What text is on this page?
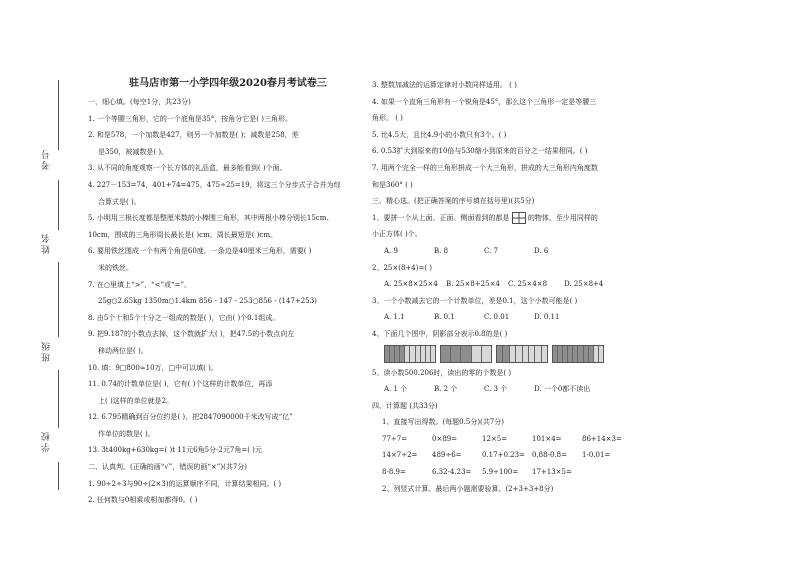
考号
姓名
班级
学校
驻马店市第一小学四年级2020春月考试卷三

一、细心填。(每空1分，共23分)

1. 一个等腰三角形，它的一个底角是35°，按角分它是( )三角形。

2. 和是578，一个加数是427，则另一个加数是( )；减数是258，差

是350，被减数是( )。

3. 从不同的角度观察一个长方体的礼品盒，最多能看到( )个面。

4. 227－153=74，401+74=475，475÷25=19，将这三个分步式子合并为综

合算式是( )。

5. 小明用三根长度都是整厘米数的小棒围三角形，其中两根小棒分别长15cm、

10cm，围成的三角形周长最长是( )cm，周长最短是( )cm。

6. 要用铁丝围成一个有两个角是60度，一条边是40厘米三角形，需要( )

米的铁丝。

7. 在○里填上“>”、“<”或“=”。

25g○2.65kg 1350m○1.4km 856 - 147 - 253○856 - (147+253)

8. 由5个十和5个十分之一组成的数是( )，它由( )个0.1组成。

9. 把9.187的小数点去掉，这个数就扩大( )，把47.5的小数点向左

移动两位是( )。

10. 填：9□800≈10万，□中可以填( )。

11. 0.74的计数单位是( )，它有( )个这样的计数单位，再添

上( )这样的单位就是2。

12. 6.795精确到百分位约是( )，把2847090000千米改写成“亿”

作单位的数是( )。

13. 3t400kg+630kg=( )t 11元6角5分-2元7角=( )元

二、认真判。(正确的画“√”，错误的画“×”)(共7分)

1. 90÷2÷3与90÷(2×3)的运算顺序不同，计算结果相同。( )

2. 任何数与0相乘或相加都得0。( )

3. 整数加减法的运算定律对小数同样适用。 ( )

4. 如果一个直角三角形有一个锐角是45°，那么这个三角形一定是等腰三

角形。 ( )

5. 比4.5大，且比4.9小的小数只有3个。( )

6. 0.53扩大到原来的10倍与530缩小到原来的百分之一结果相同。( )

7. 用两个完全一样的三角形拼成一个大三角形，拼成的大三角形内角度数

和是360° ( )

三、精心选。(把正确答案的序号填在括号里)(共5分)

1、要拼一个从上面、正面、侧面看到的都是	的物体，至少用同样的

小正方体( )个。

A. 9	B. 8	C. 7	D. 6

2、25×(8+4)=( )

A. 25×8×25×4	B. 25×8+25×4	C. 25×4×8	D. 25×8+4

3、一个小数减去它的一个计数单位，差是0.1，这个小数可能是( )

A. 1.1	B. 0.1	C. 0.01	D. 0.11

4、下面几个图中，阴影部分表示0.8的是( )

5、读小数500.206时，读出的零的个数是( )

A. 1 个	B. 2 个	C. 3 个	D. 一个0都不读出

四、计算题 (共33分)

1、直接写出得数。(每题0.5分)(共7分)

77÷7=	0×89=	12×5=	101×4=	86+14×3=
14×7÷2=	489÷6=	0.17+0.23=	0.88-0.8=	1-0.01=
8-8.9=	6.32-4.23=	5.9÷100=	17+13×5=

2、列竖式计算。最后两小题需要验算。(2+3+3+8分)
